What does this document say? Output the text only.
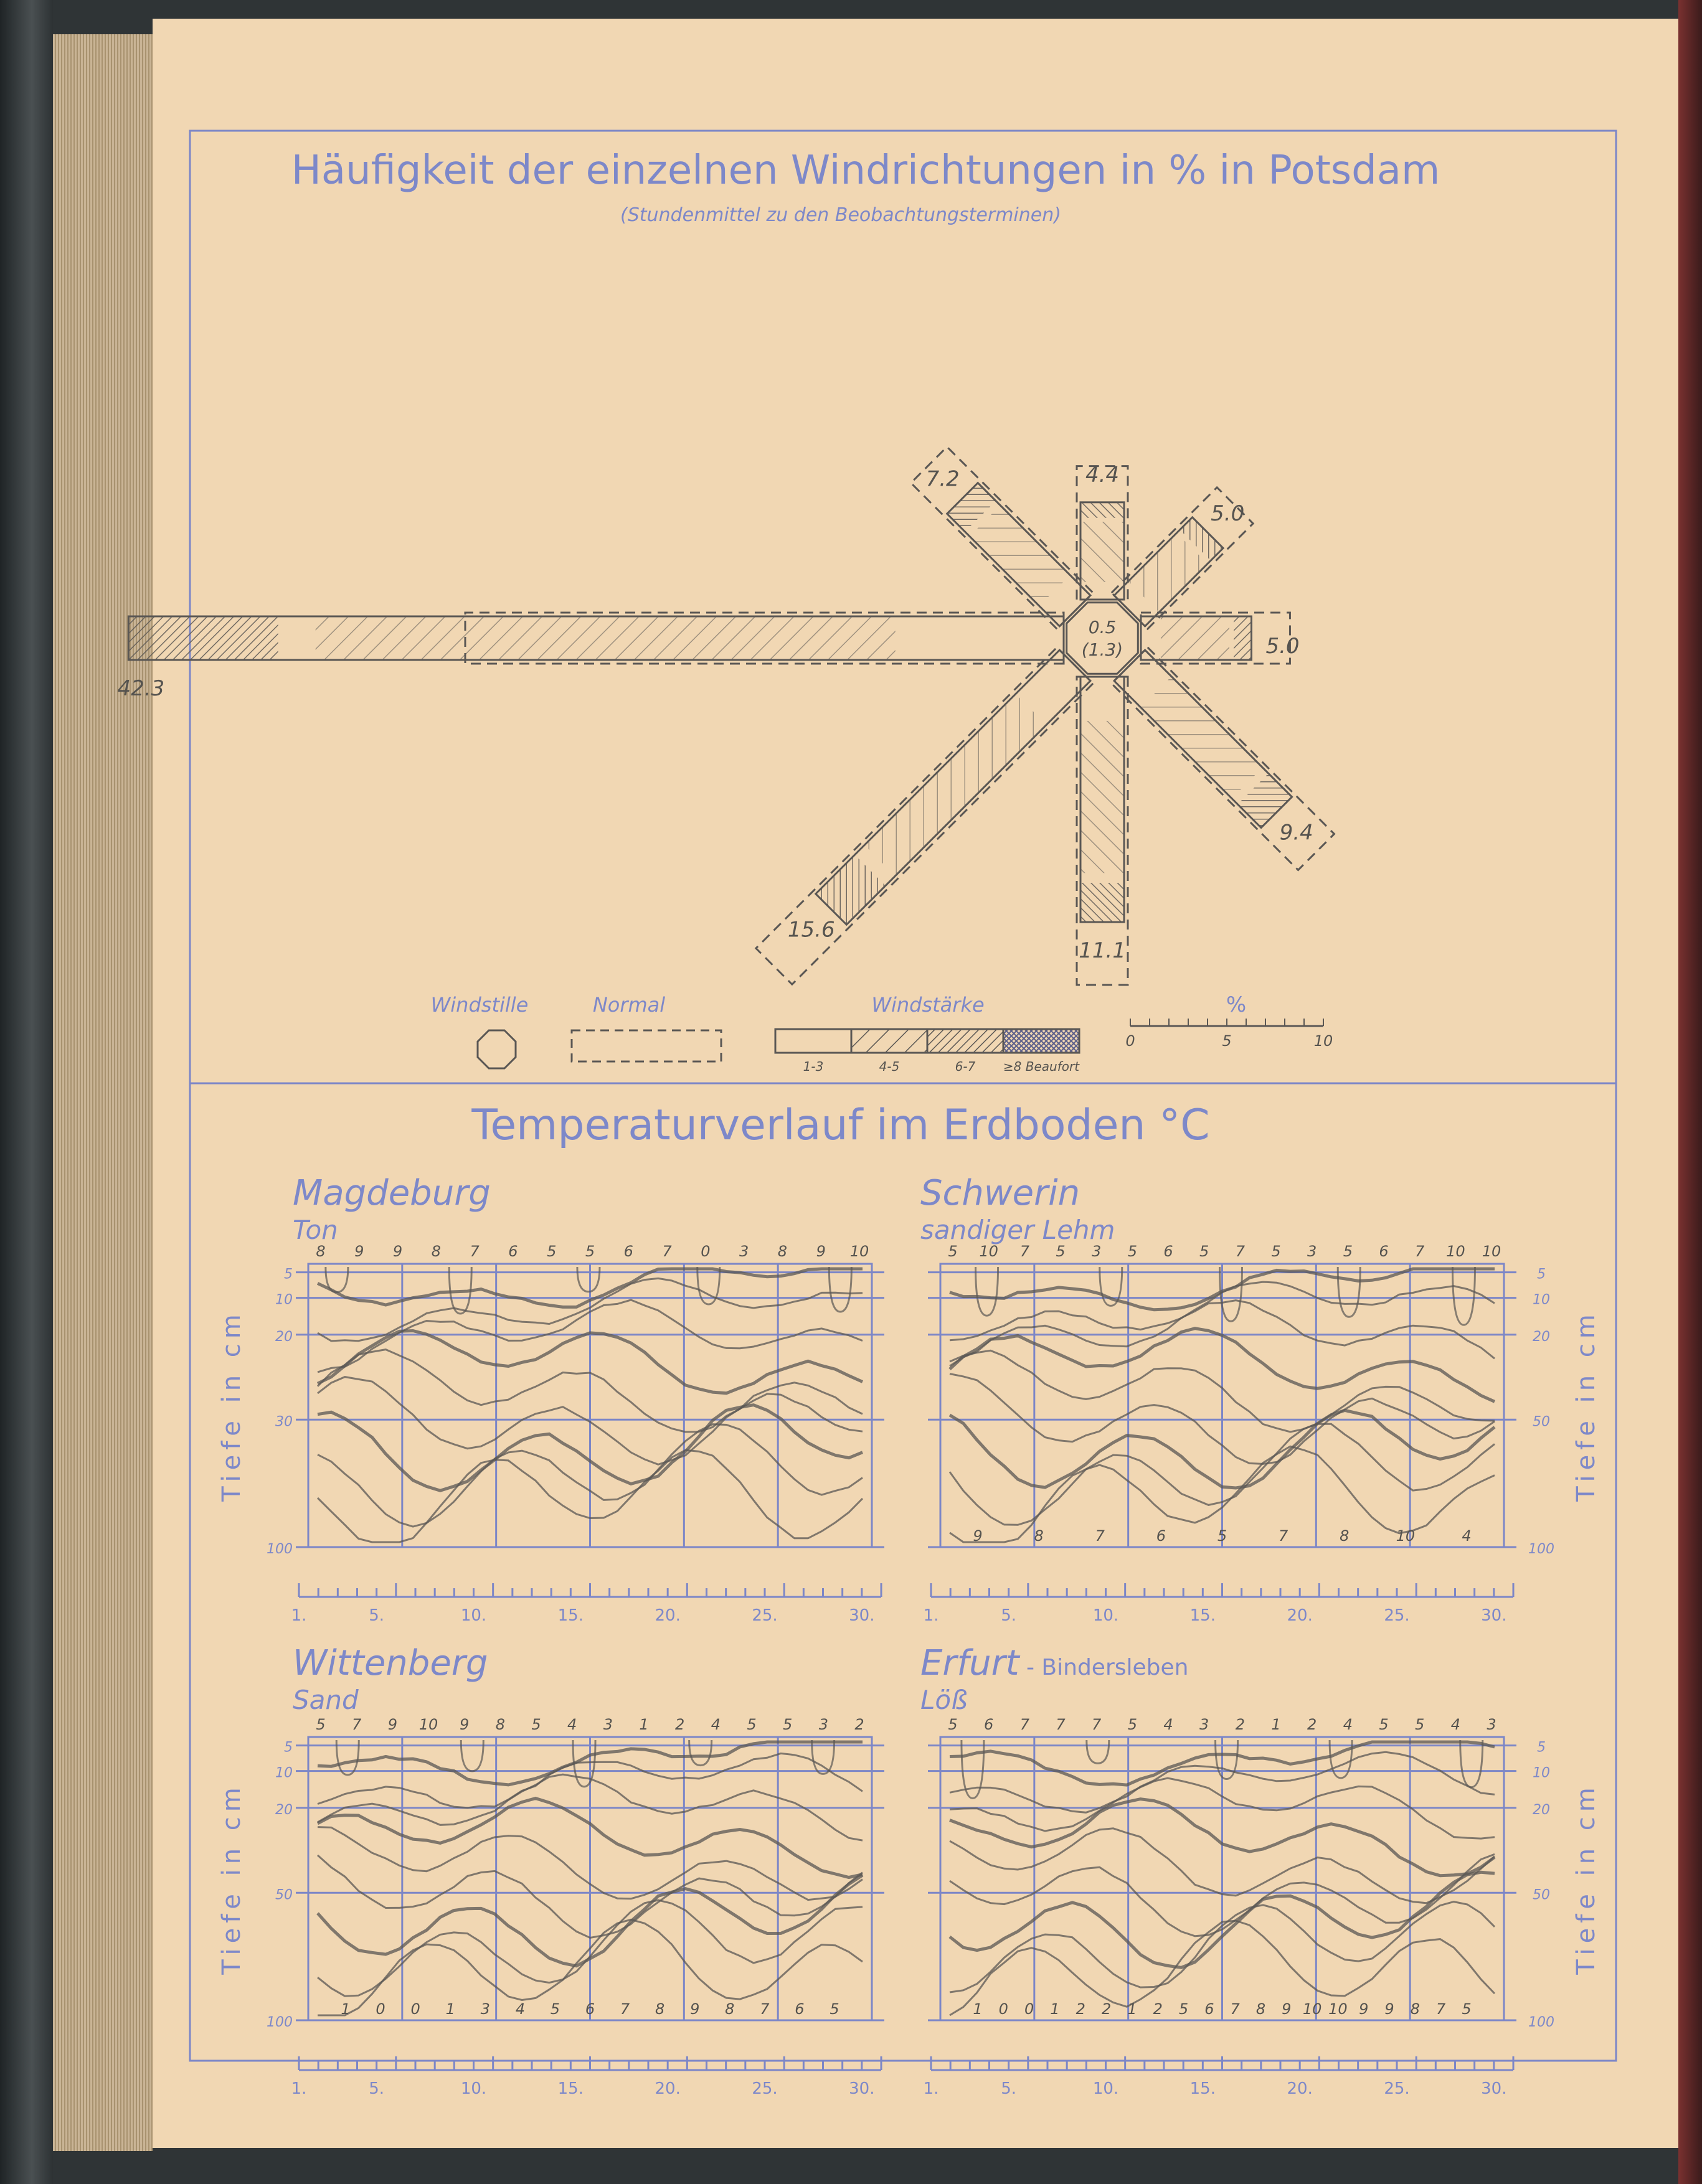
Häufigkeit der einzelnen Windrichtungen in % in Potsdam
(Stundenmittel zu den Beobachtungsterminen)
0.5
(1.3)
4.4
5.0
5.0
9.4
11.1
15.6
42.3
7.2
Windstille	Normal	Windstärke
1-3	4-5	6-7 ≥8 Beaufort
%
0	5	10
Temperaturverlauf im Erdboden °C
Magdeburg
Ton
5
10
20
30
100
Tiefe in cm
1.	5.	10.	15.	20.	25.	30.
8 9 9 8 7 6 5 5 6 7 0 3 8 9 10
Schwerin
sandiger Lehm
5
10
20
50
100
Tiefe in cm
1.	5.	10.	15.	20.	25.	30.
5 10 7 5 3 5 6 5 7 5 3 5 6 7 10 10
9	8	7	6	5	7	8	10	4
Wittenberg
Sand
5
10
20
50
100
Tiefe in cm
1.	5.	10.	15.	20.	25.	30.
5 7 9 10 9 8 5 4 3 1 2 4 5 5 3 2
1 0 0 1 3 4 5 6 7 8 9 8 7 6 5
Erfurt - Bindersleben
Löß
5
10
20
50
100
Tiefe in cm
1.	5.	10.	15.	20.	25.	30.
5 6 7 7 7 5 4 3 2 1 2 4 5 5 4 3
1 0 0 1 2 2 1 2 5 6 7 8 9 10 10 9 9 8 7 5
